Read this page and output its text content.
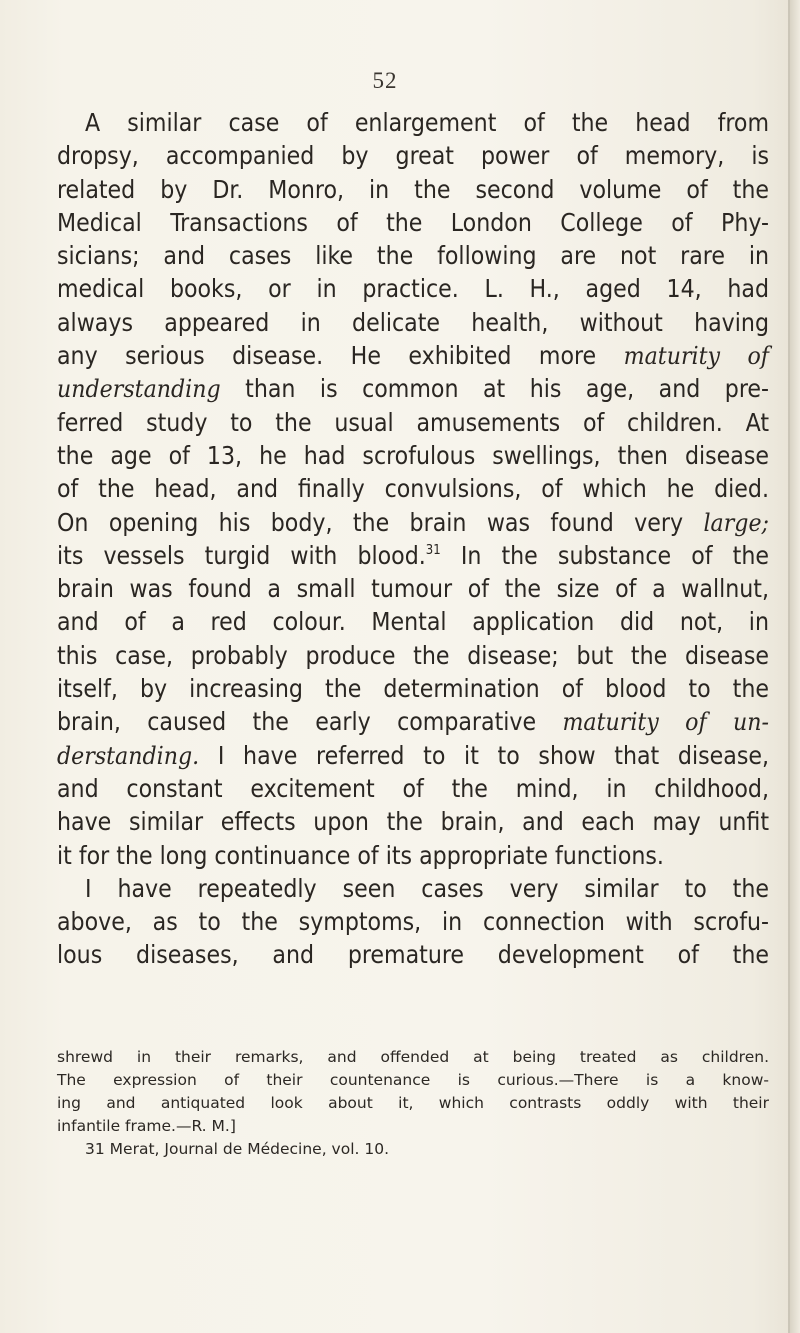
52
A similar case of enlargement of the head from
dropsy, accompanied by great power of memory, is
related by Dr. Monro, in the second volume of the
Medical Transactions of the London College of Phy-
sicians; and cases like the following are not rare in
medical books, or in practice. L. H., aged 14, had
always appeared in delicate health, without having
any serious disease. He exhibited more maturity of
understanding than is common at his age, and pre-
ferred study to the usual amusements of children. At
the age of 13, he had scrofulous swellings, then disease
of the head, and finally convulsions, of which he died.
On opening his body, the brain was found very large;
its vessels turgid with blood.$^{31}$ In the substance of the
brain was found a small tumour of the size of a wallnut,
and of a red colour. Mental application did not, in
this case, probably produce the disease; but the disease
itself, by increasing the determination of blood to the
brain, caused the early comparative maturity of un-
derstanding. I have referred to it to show that disease,
and constant excitement of the mind, in childhood,
have similar effects upon the brain, and each may unfit
it for the long continuance of its appropriate functions.
I have repeatedly seen cases very similar to the
above, as to the symptoms, in connection with scrofu-
lous diseases, and premature development of the
shrewd in their remarks, and offended at being treated as children.
The expression of their countenance is curious.—There is a know-
ing and antiquated look about it, which contrasts oddly with their
infantile frame.—R. M.]
31 Merat, Journal de Médecine, vol. 10.
